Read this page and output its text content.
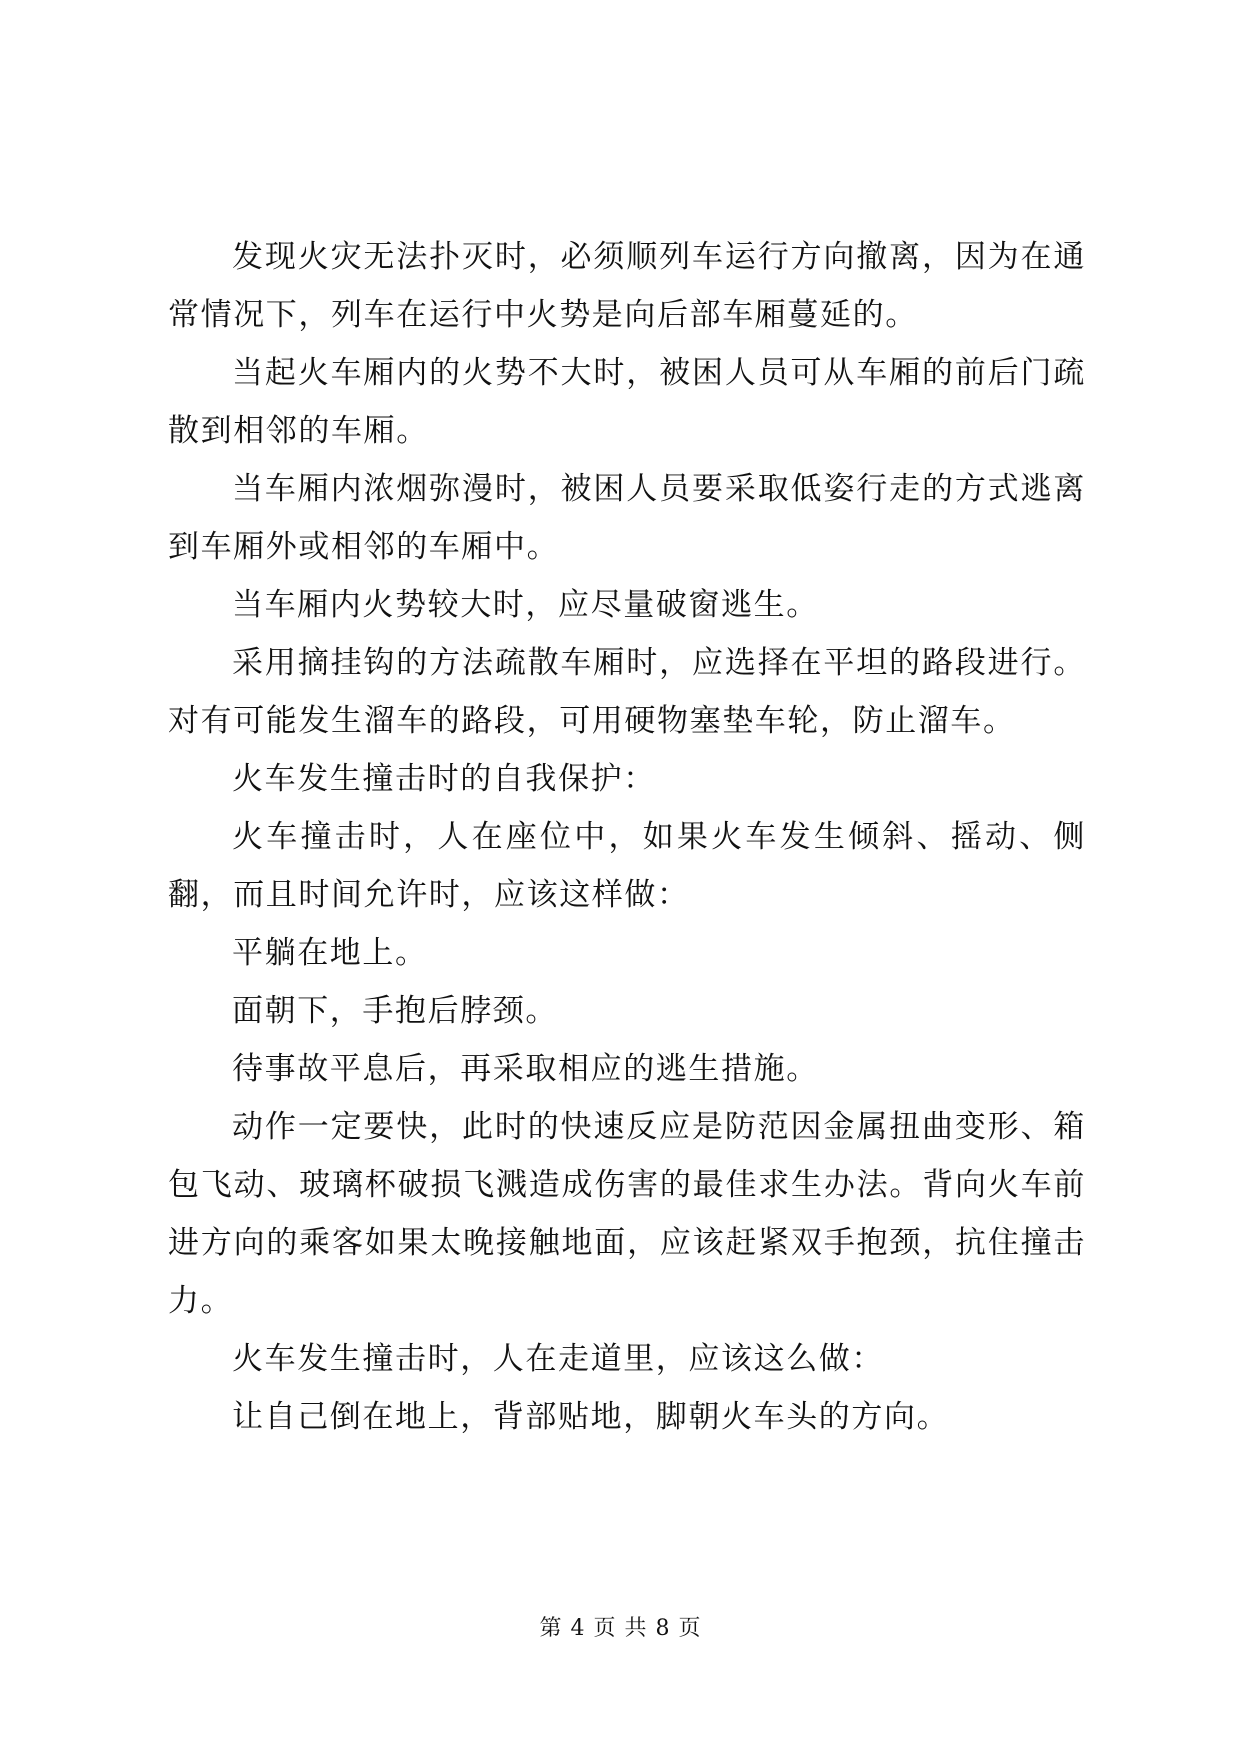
发现火灾无法扑灭时，必须顺列车运行方向撤离，因为在通常情况下，列车在运行中火势是向后部车厢蔓延的。

当起火车厢内的火势不大时，被困人员可从车厢的前后门疏散到相邻的车厢。

当车厢内浓烟弥漫时，被困人员要采取低姿行走的方式逃离到车厢外或相邻的车厢中。

当车厢内火势较大时，应尽量破窗逃生。

采用摘挂钩的方法疏散车厢时，应选择在平坦的路段进行。对有可能发生溜车的路段，可用硬物塞垫车轮，防止溜车。

火车发生撞击时的自我保护：

火车撞击时，人在座位中，如果火车发生倾斜、摇动、侧翻，而且时间允许时，应该这样做：

平躺在地上。

面朝下，手抱后脖颈。

待事故平息后，再采取相应的逃生措施。

动作一定要快，此时的快速反应是防范因金属扭曲变形、箱包飞动、玻璃杯破损飞溅造成伤害的最佳求生办法。背向火车前进方向的乘客如果太晚接触地面，应该赶紧双手抱颈，抗住撞击力。

火车发生撞击时，人在走道里，应该这么做：

让自己倒在地上，背部贴地，脚朝火车头的方向。

第 4 页 共 8 页
